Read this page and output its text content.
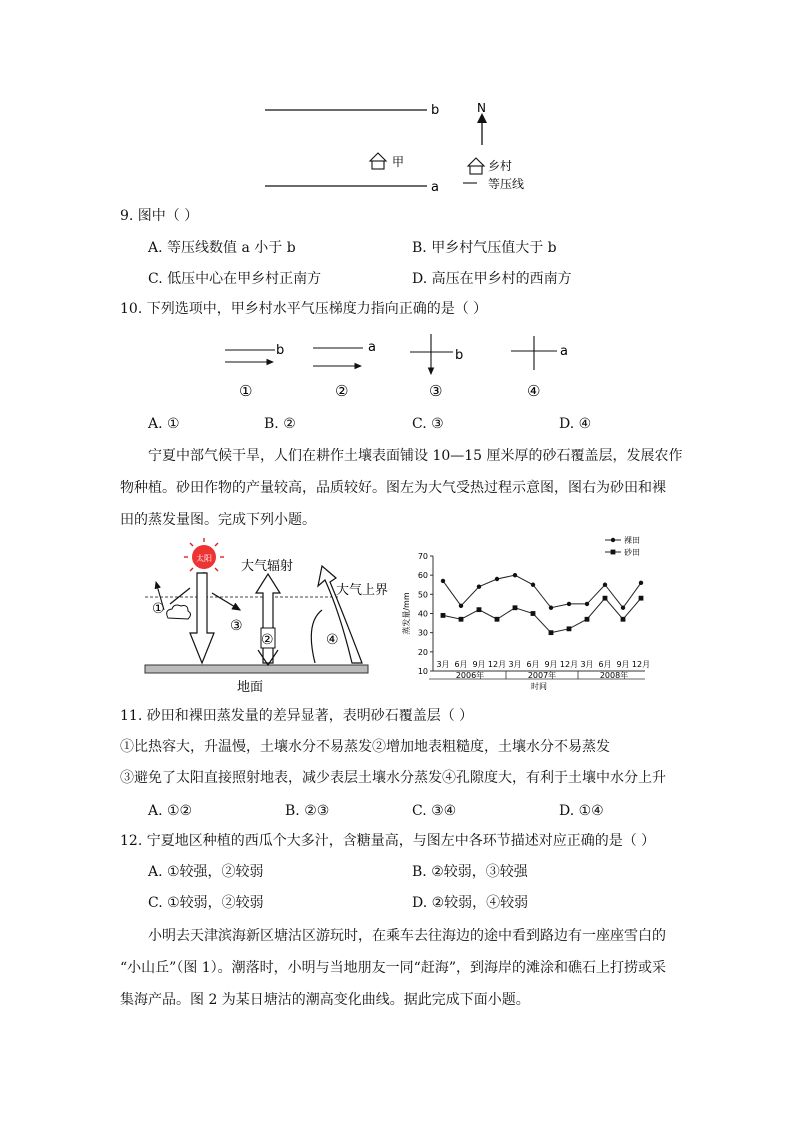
b
a
甲
N
乡村
等压线
9. 图中（ ）
A. 等压线数值 a 小于 b	B. 甲乡村气压值大于 b
C. 低压中心在甲乡村正南方	D. 高压在甲乡村的西南方
10. 下列选项中，甲乡村水平气压梯度力指向正确的是（ ）
b
①
a
②
b
③
a
④
A. ①	B. ②	C. ③	D. ④
宁夏中部气候干旱，人们在耕作土壤表面铺设 10—15 厘米厚的砂石覆盖层，发展农作
物种植。砂田作物的产量较高，品质较好。图左为大气受热过程示意图，图右为砂田和裸
田的蒸发量图。完成下列小题。
太阳
大气上界
大气辐射
地面
①
③
②	④
10
20
30
40
50
60
70
蒸发量/mm
3月 6月 9月 12月 3月 6月 9月 12月 3月 6月 9月 12月
2006年	2007年	2008年
时间
裸田
砂田
11. 砂田和裸田蒸发量的差异显著，表明砂石覆盖层（ ）
①比热容大，升温慢，土壤水分不易蒸发②增加地表粗糙度，土壤水分不易蒸发
③避免了太阳直接照射地表，减少表层土壤水分蒸发④孔隙度大，有利于土壤中水分上升
A. ①②	B. ②③	C. ③④	D. ①④
12. 宁夏地区种植的西瓜个大多汁，含糖量高，与图左中各环节描述对应正确的是（ ）
A. ①较强，②较弱	B. ②较弱，③较强
C. ①较弱，②较弱	D. ②较弱，④较弱
小明去天津滨海新区塘沽区游玩时，在乘车去往海边的途中看到路边有一座座雪白的
“小山丘”（图 1）。潮落时，小明与当地朋友一同“赶海”，到海岸的滩涂和礁石上打捞或采
集海产品。图 2 为某日塘沽的潮高变化曲线。据此完成下面小题。
